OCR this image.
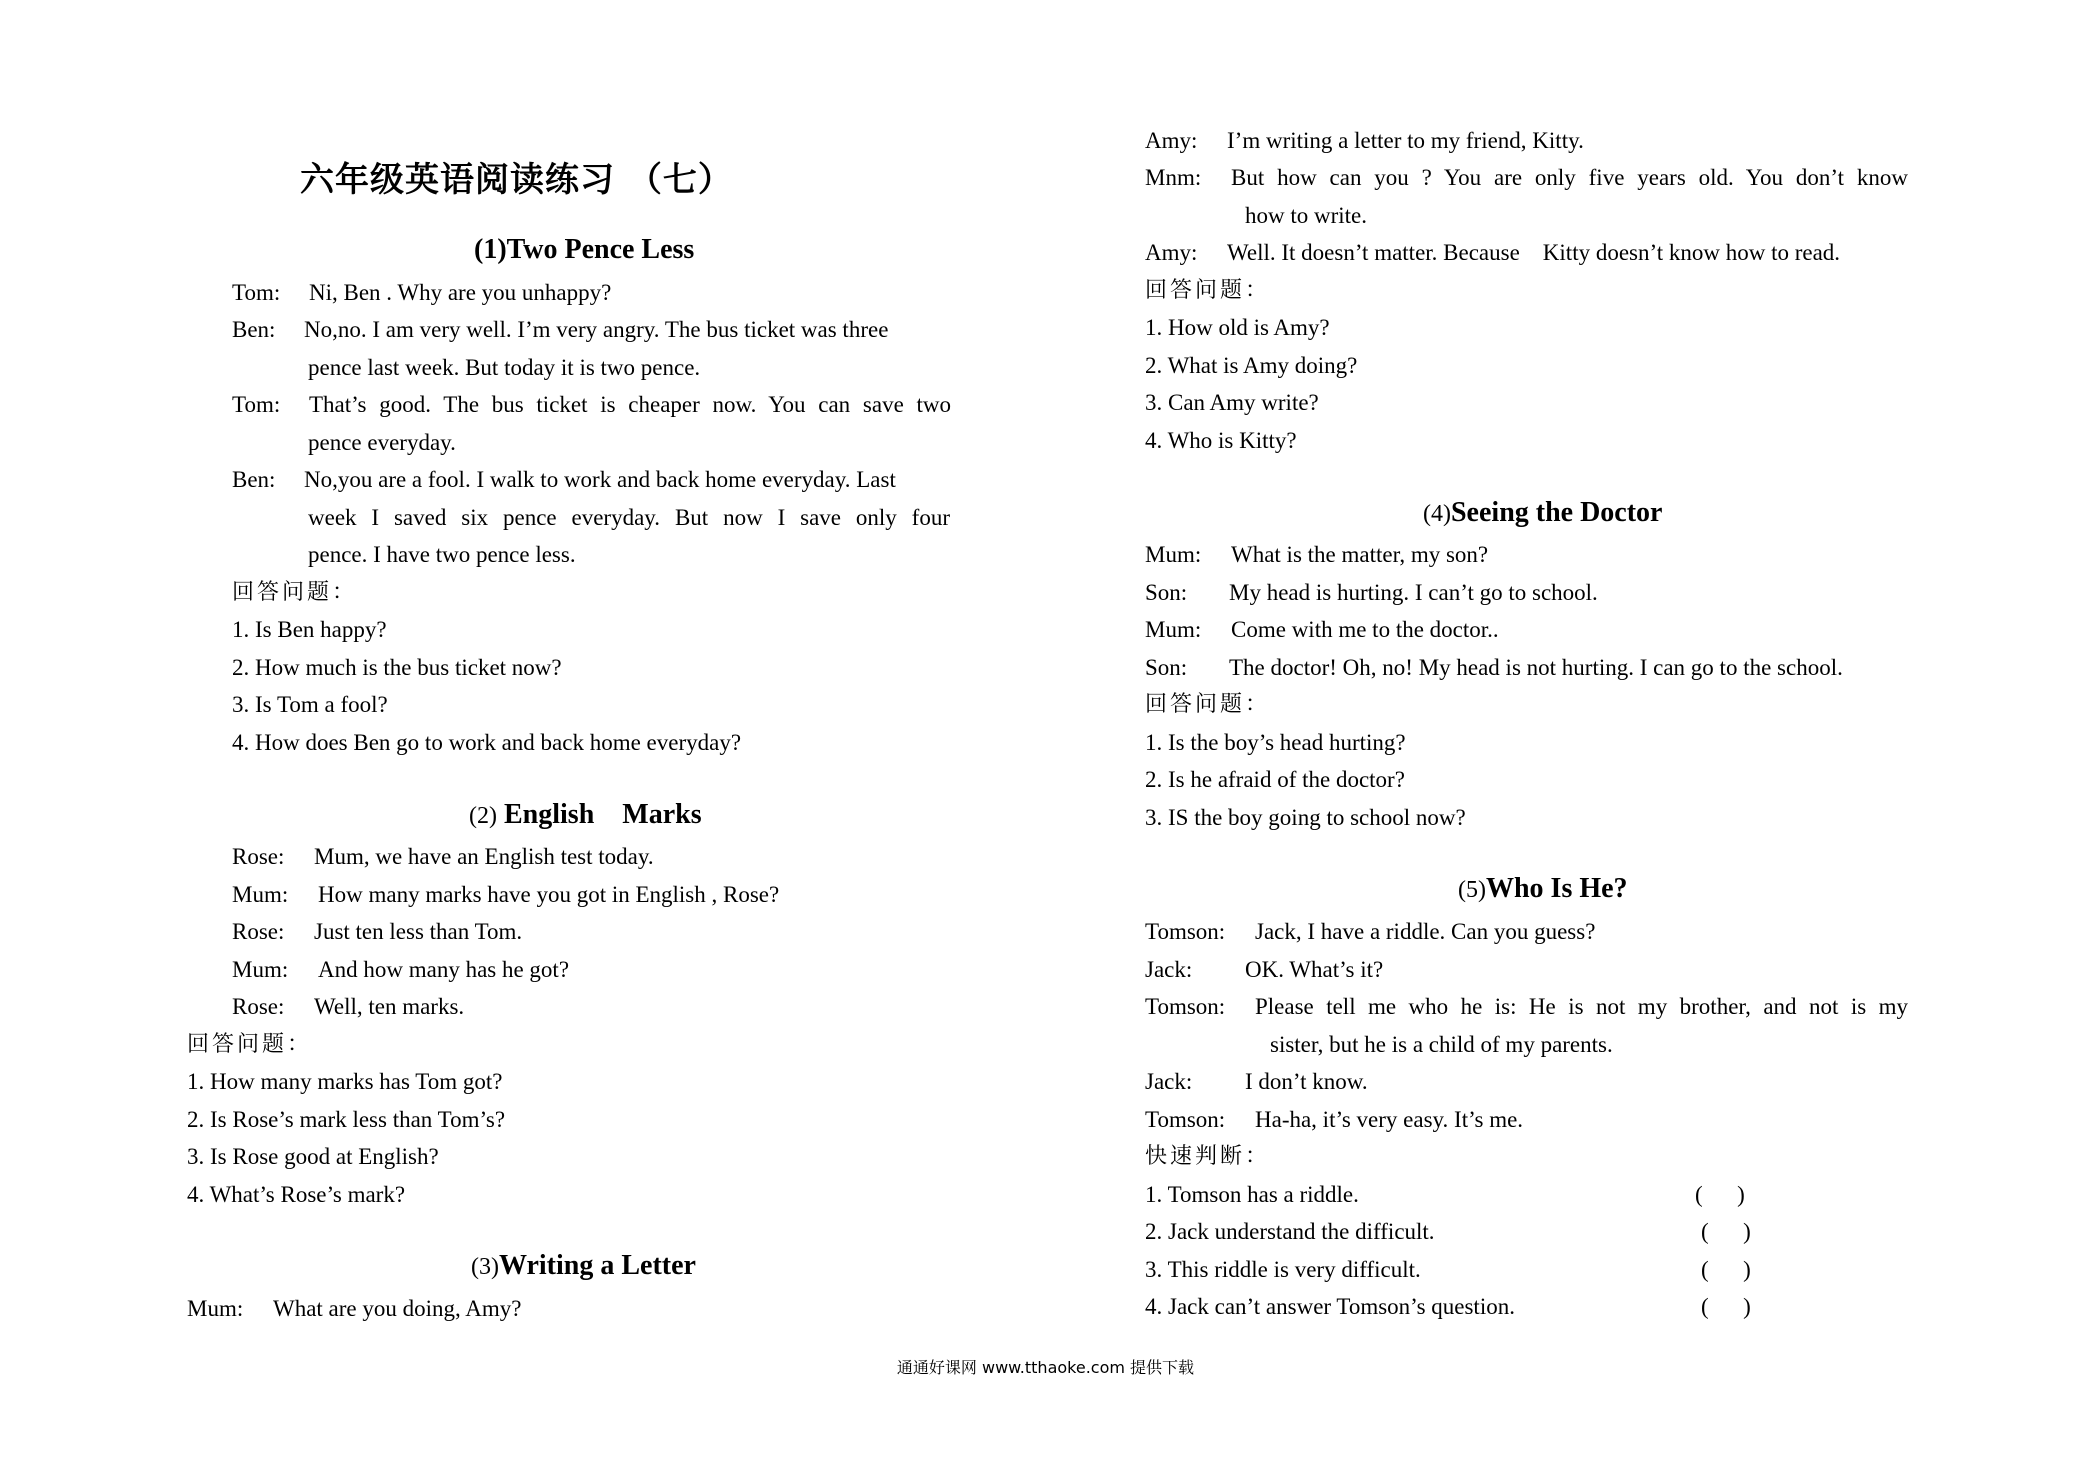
六年级英语阅读练习 （七）
(1)Two Pence Less
Tom: Ni, Ben . Why are you unhappy?
Ben: No,no. I am very well. I’m very angry. The bus ticket was three
pence last week. But today it is two pence.
Tom: That’s good. The bus ticket is cheaper now. You can save two
pence everyday.
Ben: No,you are a fool. I walk to work and back home everyday. Last
week I saved six pence everyday. But now I save only four
pence. I have two pence less.
回答问题：
1. Is Ben happy?
2. How much is the bus ticket now?
3. Is Tom a fool?
4. How does Ben go to work and back home everyday?
(2) English    Marks
Rose: Mum, we have an English test today.
Mum: How many marks have you got in English , Rose?
Rose: Just ten less than Tom.
Mum: And how many has he got?
Rose: Well, ten marks.
回答问题：
1. How many marks has Tom got?
2. Is Rose’s mark less than Tom’s?
3. Is Rose good at English?
4. What’s Rose’s mark?
(3)Writing a Letter
Mum: What are you doing, Amy?
Amy: I’m writing a letter to my friend, Kitty.
Mnm: But how can you ? You are only five years old. You don’t know
how to write.
Amy: Well. It doesn’t matter. Because    Kitty doesn’t know how to read.
回答问题：
1. How old is Amy?
2. What is Amy doing?
3. Can Amy write?
4. Who is Kitty?
(4)Seeing the Doctor
Mum: What is the matter, my son?
Son: My head is hurting. I can’t go to school.
Mum: Come with me to the doctor..
Son: The doctor! Oh, no! My head is not hurting. I can go to the school.
回答问题：
1. Is the boy’s head hurting?
2. Is he afraid of the doctor?
3. IS the boy going to school now?
(5)Who Is He?
Tomson: Jack, I have a riddle. Can you guess?
Jack: OK. What’s it?
Tomson: Please tell me who he is: He is not my brother, and not is my
sister, but he is a child of my parents.
Jack: I don’t know.
Tomson: Ha-ha, it’s very easy. It’s me.
快速判断：
1. Tomson has a riddle.	(      )
2. Jack understand the difficult.	(      )
3. This riddle is very difficult.	(      )
4. Jack can’t answer Tomson’s question.	(      )
通通好课网 www.tthaoke.com 提供下载
